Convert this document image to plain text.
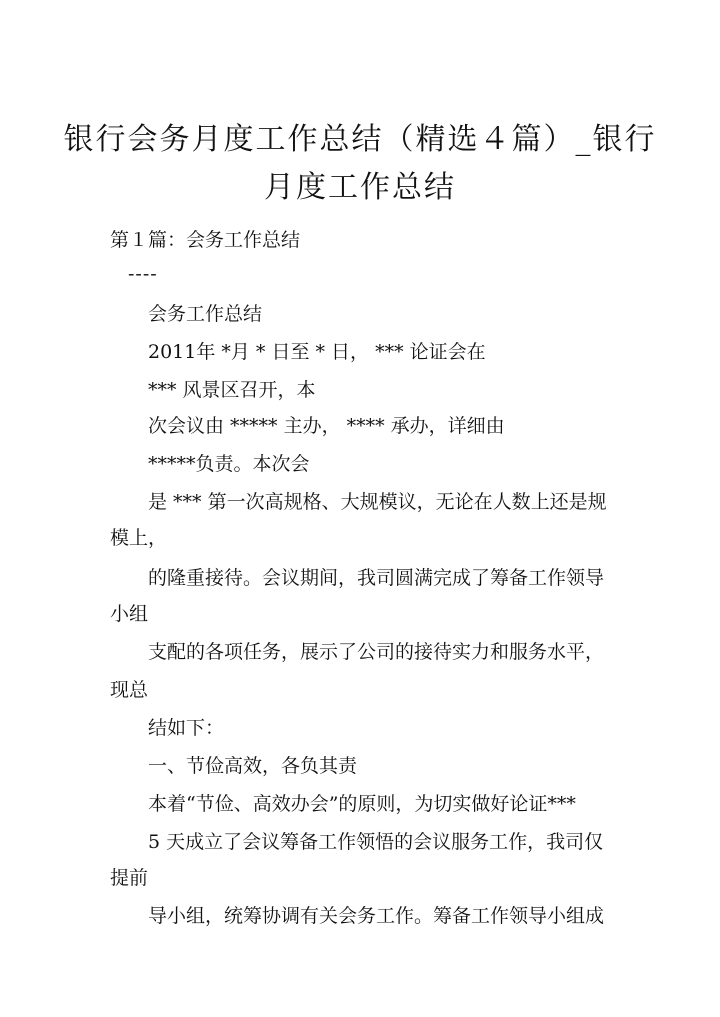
银行会务月度工作总结（精选４篇）_银行
月度工作总结
第１篇：会务工作总结
----
会务工作总结
2011年 *月 * 日至 * 日， *** 论证会在
*** 风景区召开，本
次会议由 ***** 主办， **** 承办，详细由
*****负责。本次会
是 *** 第一次高规格、大规模议，无论在人数上还是规
模上，
的隆重接待。会议期间，我司圆满完成了筹备工作领导
小组
支配的各项任务，展示了公司的接待实力和服务水平，
现总
结如下：
一、节俭高效，各负其责
本着“节俭、高效办会”的原则，为切实做好论证***
5 天成立了会议筹备工作领悟的会议服务工作，我司仅
提前
导小组，统筹协调有关会务工作。筹备工作领导小组成
